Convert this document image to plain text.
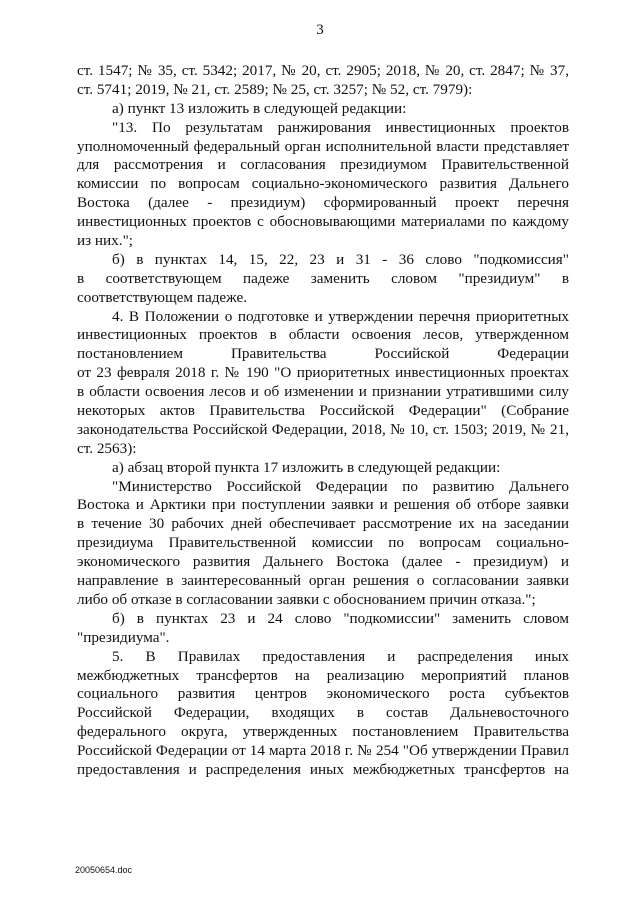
3
ст. 1547; № 35, ст. 5342; 2017, № 20, ст. 2905; 2018, № 20, ст. 2847; № 37,
ст. 5741; 2019, № 21, ст. 2589; № 25, ст. 3257; № 52, ст. 7979):
а) пункт 13 изложить в следующей редакции:
"13. По результатам ранжирования инвестиционных проектов
уполномоченный федеральный орган исполнительной власти представляет
для рассмотрения и согласования президиумом Правительственной
комиссии по вопросам социально-экономического развития Дальнего
Востока (далее - президиум) сформированный проект перечня
инвестиционных проектов с обосновывающими материалами по каждому
из них.";
б) в пунктах 14, 15, 22, 23 и 31 - 36 слово "подкомиссия"
в соответствующем падеже заменить словом "президиум" в
соответствующем падеже.
4. В Положении о подготовке и утверждении перечня приоритетных
инвестиционных проектов в области освоения лесов, утвержденном
постановлением Правительства Российской Федерации
от 23 февраля 2018 г. № 190 "О приоритетных инвестиционных проектах
в области освоения лесов и об изменении и признании утратившими силу
некоторых актов Правительства Российской Федерации" (Собрание
законодательства Российской Федерации, 2018, № 10, ст. 1503; 2019, № 21,
ст. 2563):
а) абзац второй пункта 17 изложить в следующей редакции:
"Министерство Российской Федерации по развитию Дальнего
Востока и Арктики при поступлении заявки и решения об отборе заявки
в течение 30 рабочих дней обеспечивает рассмотрение их на заседании
президиума Правительственной комиссии по вопросам социально-
экономического развития Дальнего Востока (далее - президиум) и
направление в заинтересованный орган решения о согласовании заявки
либо об отказе в согласовании заявки с обоснованием причин отказа.";
б) в пунктах 23 и 24 слово "подкомиссии" заменить словом
"президиума".
5. В Правилах предоставления и распределения иных
межбюджетных трансфертов на реализацию мероприятий планов
социального развития центров экономического роста субъектов
Российской Федерации, входящих в состав Дальневосточного
федерального округа, утвержденных постановлением Правительства
Российской Федерации от 14 марта 2018 г. № 254 "Об утверждении Правил
предоставления и распределения иных межбюджетных трансфертов на
20050654.doc
